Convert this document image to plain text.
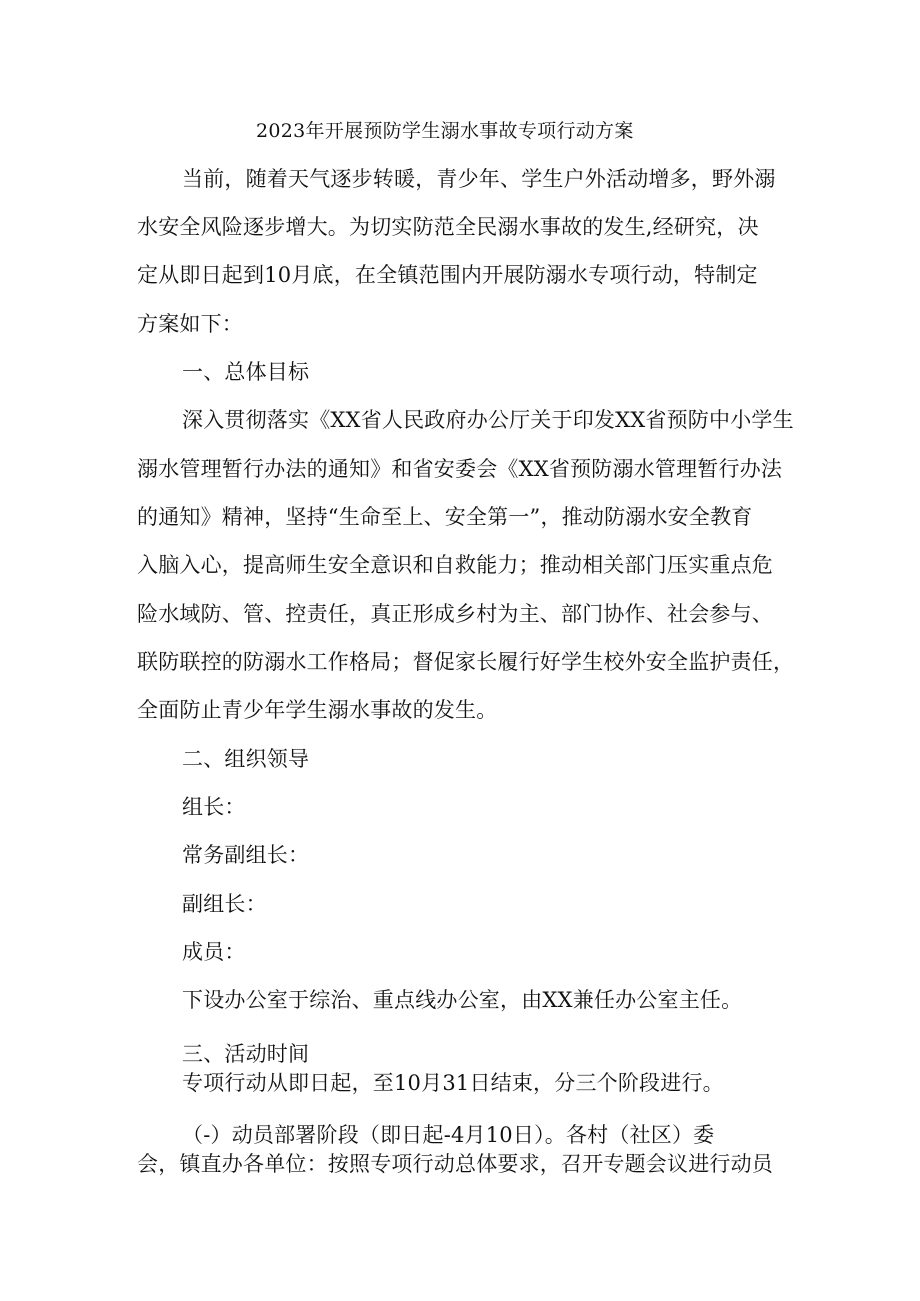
2023年开展预防学生溺水事故专项行动方案

当前，随着天气逐步转暖，青少年、学生户外活动增多，野外溺

水安全风险逐步增大。为切实防范全民溺水事故的发生,经研究，决

定从即日起到10月底，在全镇范围内开展防溺水专项行动，特制定

方案如下：

一、总体目标

深入贯彻落实《XX省人民政府办公厅关于印发XX省预防中小学生

溺水管理暂行办法的通知》和省安委会《XX省预防溺水管理暂行办法

的通知》精神，坚持“生命至上、安全第一”，推动防溺水安全教育

入脑入心，提高师生安全意识和自救能力；推动相关部门压实重点危

险水域防、管、控责任，真正形成乡村为主、部门协作、社会参与、

联防联控的防溺水工作格局；督促家长履行好学生校外安全监护责任，

全面防止青少年学生溺水事故的发生。

二、组织领导

组长：

常务副组长：

副组长：

成员：

下设办公室于综治、重点线办公室，由XX兼任办公室主任。

三、活动时间

专项行动从即日起，至10月31日结束，分三个阶段进行。

（-）动员部署阶段（即日起-4月10日）。各村（社区）委

会，镇直办各单位：按照专项行动总体要求，召开专题会议进行动员
